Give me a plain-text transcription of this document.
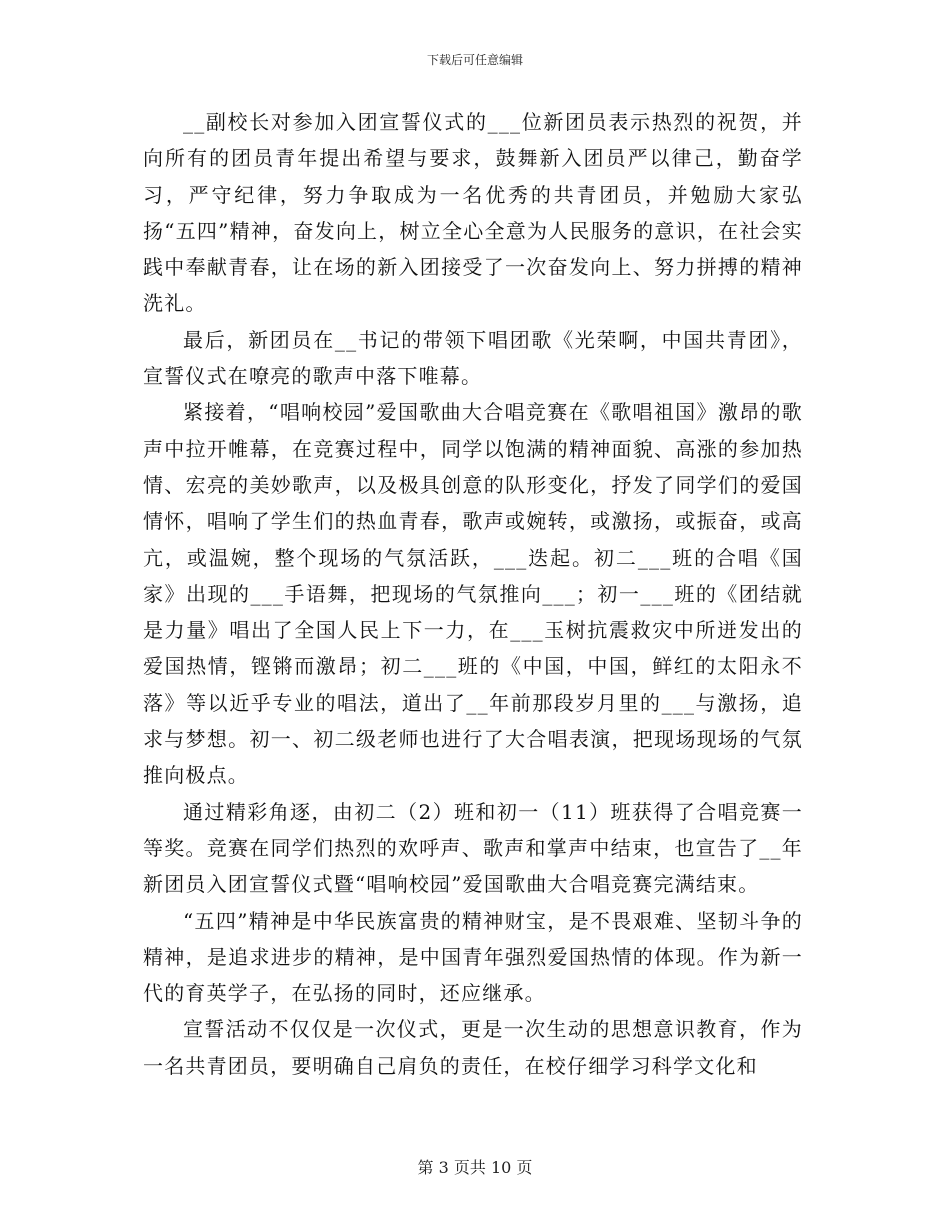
下载后可任意编辑

__副校长对参加入团宣誓仪式的___位新团员表示热烈的祝贺，并向所有的团员青年提出希望与要求，鼓舞新入团员严以律己，勤奋学习，严守纪律，努力争取成为一名优秀的共青团员，并勉励大家弘扬“五四”精神，奋发向上，树立全心全意为人民服务的意识，在社会实践中奉献青春，让在场的新入团接受了一次奋发向上、努力拼搏的精神洗礼。

最后，新团员在__书记的带领下唱团歌《光荣啊，中国共青团》，宣誓仪式在嘹亮的歌声中落下唯幕。

紧接着，“唱响校园”爱国歌曲大合唱竞赛在《歌唱祖国》激昂的歌声中拉开帷幕，在竞赛过程中，同学以饱满的精神面貌、高涨的参加热情、宏亮的美妙歌声，以及极具创意的队形变化，抒发了同学们的爱国情怀，唱响了学生们的热血青春，歌声或婉转，或激扬，或振奋，或高亢，或温婉，整个现场的气氛活跃，___迭起。初二___班的合唱《国家》出现的___手语舞，把现场的气氛推向___；初一___班的《团结就是力量》唱出了全国人民上下一力，在___玉树抗震救灾中所迸发出的爱国热情，铿锵而激昂；初二___班的《中国，中国，鲜红的太阳永不落》等以近乎专业的唱法，道出了__年前那段岁月里的___与激扬，追求与梦想。初一、初二级老师也进行了大合唱表演，把现场现场的气氛推向极点。

通过精彩角逐，由初二（2）班和初一（11）班获得了合唱竞赛一等奖。竞赛在同学们热烈的欢呼声、歌声和掌声中结束，也宣告了__年新团员入团宣誓仪式暨“唱响校园”爱国歌曲大合唱竞赛完满结束。

“五四”精神是中华民族富贵的精神财宝，是不畏艰难、坚韧斗争的精神，是追求进步的精神，是中国青年强烈爱国热情的体现。作为新一代的育英学子，在弘扬的同时，还应继承。

宣誓活动不仅仅是一次仪式，更是一次生动的思想意识教育，作为一名共青团员，要明确自己肩负的责任，在校仔细学习科学文化和

第 3 页共 10 页
